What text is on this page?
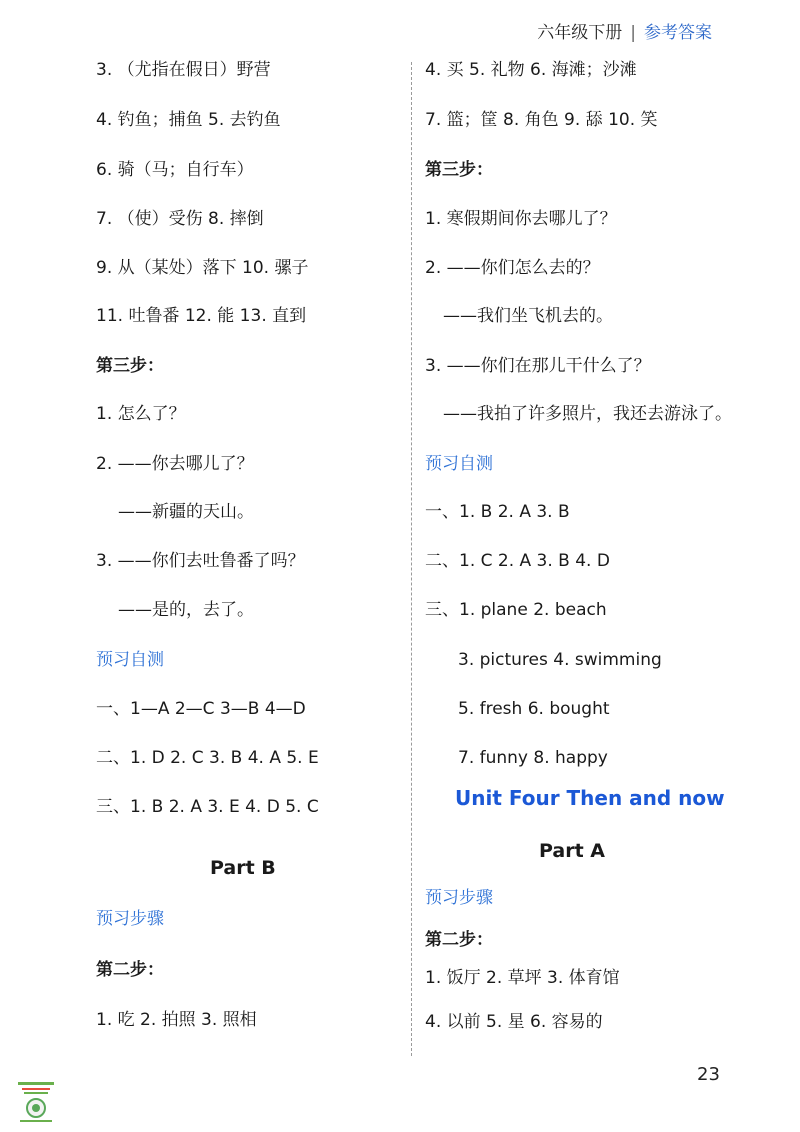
六年级下册 | 参考答案
3. （尤指在假日）野营
4. 钓鱼；捕鱼 5. 去钓鱼
6. 骑（马；自行车）
7. （使）受伤 8. 摔倒
9. 从（某处）落下 10. 骡子
11. 吐鲁番 12. 能 13. 直到
第三步：
1. 怎么了？
2. ——你去哪儿了？
——新疆的天山。
3. ——你们去吐鲁番了吗？
——是的，去了。
预习自测
一、1—A 2—C 3—B 4—D
二、1. D 2. C 3. B 4. A 5. E
三、1. B 2. A 3. E 4. D 5. C
Part B
预习步骤
第二步：
1. 吃 2. 拍照 3. 照相
4. 买 5. 礼物 6. 海滩；沙滩
7. 篮；筐 8. 角色 9. 舔 10. 笑
第三步：
1. 寒假期间你去哪儿了？
2. ——你们怎么去的？
——我们坐飞机去的。
3. ——你们在那儿干什么了？
——我拍了许多照片，我还去游泳了。
预习自测
一、1. B 2. A 3. B
二、1. C 2. A 3. B 4. D
三、1. plane 2. beach
3. pictures 4. swimming
5. fresh 6. bought
7. funny 8. happy
Unit Four Then and now
Part A
预习步骤
第二步：
1. 饭厅 2. 草坪 3. 体育馆
4. 以前 5. 星 6. 容易的
23
